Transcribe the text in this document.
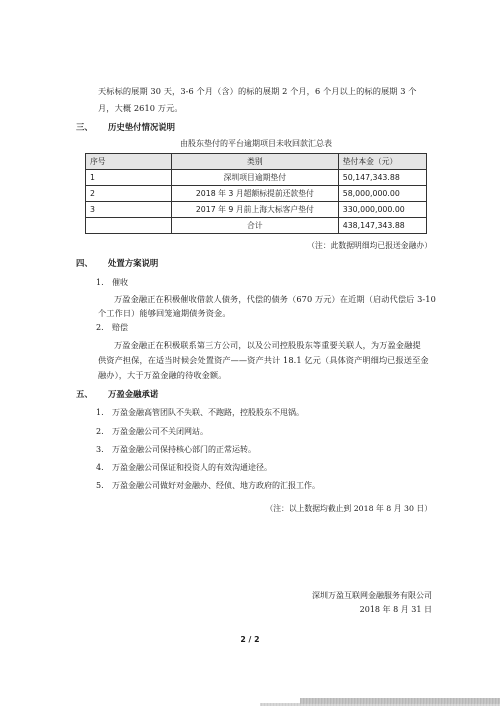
天标标的展期 30 天，3-6 个月（含）的标的展期 2 个月，6 个月以上的标的展期 3 个
月，大概 2610 万元。
三、 历史垫付情况说明
由股东垫付的平台逾期项目未收回款汇总表
序号	类别	垫付本金（元）
1	深圳项目逾期垫付	50,147,343.88
2	2018 年 3 月超额标提前还款垫付	58,000,000.00
3	2017 年 9 月前上海大标客户垫付	330,000,000.00
	合计	438,147,343.88
（注：此数据明细均已报送金融办）
四、 处置方案说明
1. 催收
万盈金融正在积极催收借款人债务，代偿的债务（670 万元）在近期（启动代偿后 3-10
个工作日）能够回笼逾期债务资金。
2. 赔偿
万盈金融正在积极联系第三方公司，以及公司控股股东等重要关联人，为万盈金融提
供资产担保，在适当时候会处置资产——资产共计 18.1 亿元（具体资产明细均已报送至金
融办），大于万盈金融的待收金额。
五、 万盈金融承诺
1. 万盈金融高管团队不失联、不跑路，控股股东不甩锅。
2. 万盈金融公司不关闭网站。
3. 万盈金融公司保持核心部门的正常运转。
4. 万盈金融公司保证和投资人的有效沟通途径。
5. 万盈金融公司做好对金融办、经侦、地方政府的汇报工作。
（注：以上数据均截止到 2018 年 8 月 30 日）
深圳万盈互联网金融服务有限公司
2018 年 8 月 31 日
2 / 2
